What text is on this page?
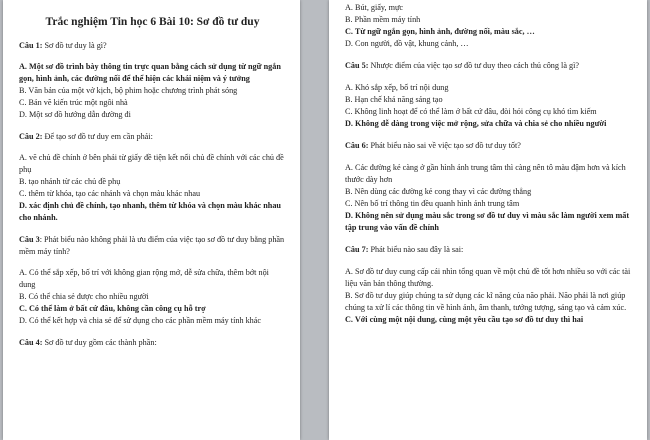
Trắc nghiệm Tin học 6 Bài 10: Sơ đồ tư duy

Câu 1: Sơ đồ tư duy là gì?

A. Một sơ đồ trình bày thông tin trực quan bằng cách sử dụng từ ngữ ngắn gọn, hình ảnh, các đường nối để thể hiện các khái niệm và ý tưởng

B. Văn bản của một vở kịch, bộ phim hoặc chương trình phát sóng

C. Bản vẽ kiến trúc một ngôi nhà

D. Một sơ đồ hướng dẫn đường đi

Câu 2: Để tạo sơ đồ tư duy em cần phải:

A. vẽ chủ đề chính ở bên phải từ giấy đề tiện kết nối chủ đề chính với các chủ đề phụ

B. tạo nhánh từ các chủ đề phụ

C. thêm từ khóa, tạo các nhánh và chọn màu khác nhau

D. xác định chủ đề chính, tạo nhanh, thêm từ khóa và chọn màu khác nhau cho nhánh.

Câu 3: Phát biểu nào không phải là ưu điểm của việc tạo sơ đồ tư duy bằng phần mềm máy tính?

A. Có thể sắp xếp, bố trí với không gian rộng mở, dễ sửa chữa, thêm bớt nội dung

B. Có thể chia sẻ được cho nhiều người

C. Có thể làm ở bất cứ đâu, không cần công cụ hỗ trợ

D. Có thể kết hợp và chia sẻ để sử dụng cho các phần mềm máy tính khác

Câu 4: Sơ đồ tư duy gồm các thành phần:

A. Bút, giấy, mực

B. Phần mềm máy tính

C. Từ ngữ ngắn gọn, hình ảnh, đường nối, màu sắc, …

D. Con người, đồ vật, khung cảnh, …

Câu 5: Nhược điểm của việc tạo sơ đồ tư duy theo cách thủ công là gì?

A. Khó sắp xếp, bố trí nội dung

B. Hạn chế khả năng sáng tạo

C. Không linh hoạt để có thể làm ở bất cứ đâu, đòi hỏi công cụ khó tìm kiếm

D. Không dễ dàng trong việc mở rộng, sửa chữa và chia sẻ cho nhiều người

Câu 6: Phát biểu nào sai về việc tạo sơ đồ tư duy tốt?

A. Các đường kẻ càng ở gần hình ảnh trung tâm thì càng nên tô màu đậm hơn và kích thước dày hơn

B. Nên dùng các đường kẻ cong thay vì các đường thẳng

C. Nên bố trí thông tin đều quanh hình ảnh trung tâm

D. Không nên sử dụng màu sắc trong sơ đồ tư duy vì màu sắc làm người xem mất tập trung vào vấn đề chính

Câu 7: Phát biểu nào sau đây là sai:

A. Sơ đồ tư duy cung cấp cái nhìn tổng quan về một chủ đề tốt hơn nhiều so với các tài liệu văn bản thông thường.

B. Sơ đồ tư duy giúp chúng ta sử dụng các kĩ năng của não phải. Não phải là nơi giúp chúng ta xử lí các thông tin về hình ảnh, âm thanh, tưởng tượng, sáng tạo và cảm xúc.

C. Với cùng một nội dung, cùng một yêu cầu tạo sơ đồ tư duy thì hai
